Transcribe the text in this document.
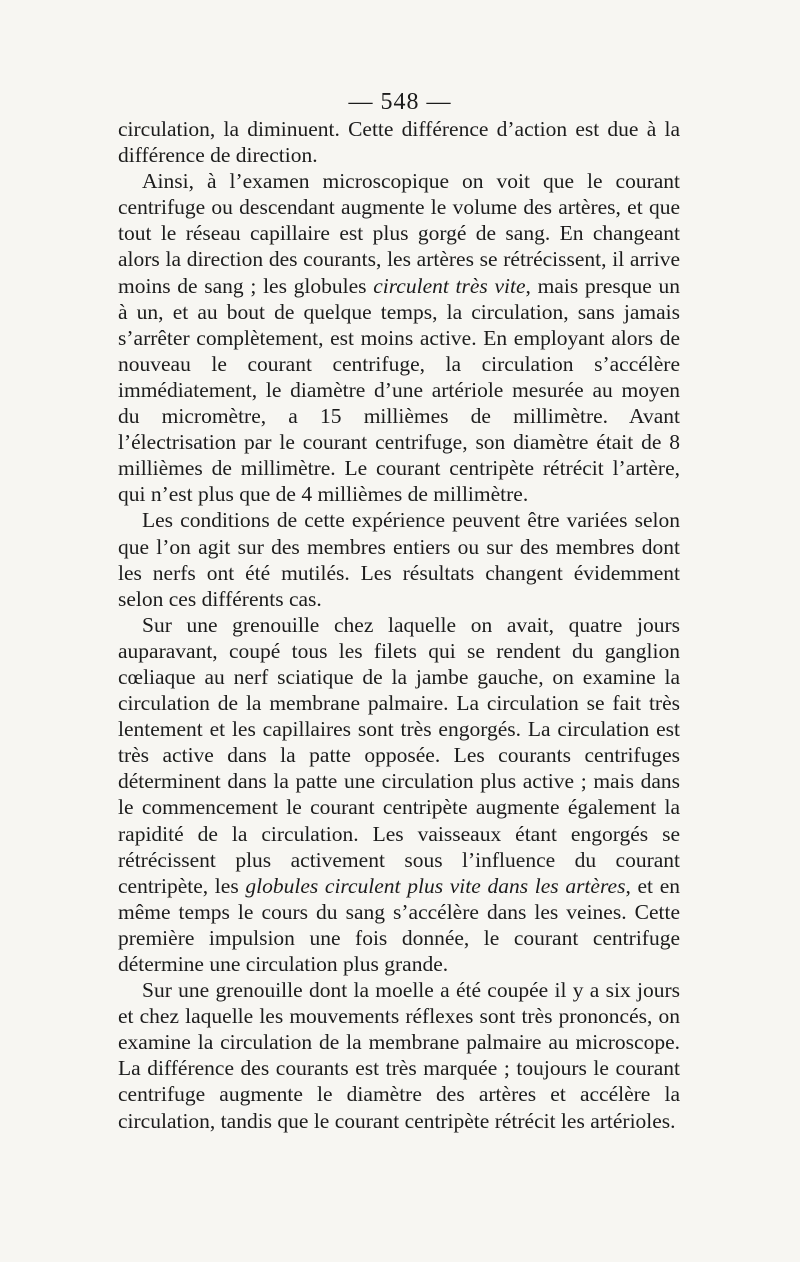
— 548 —

circulation, la diminuent. Cette différence d’action est due à la différence de direction.

Ainsi, à l’examen microscopique on voit que le courant centrifuge ou descendant augmente le volume des artères, et que tout le réseau capillaire est plus gorgé de sang. En changeant alors la direction des courants, les artères se rétrécissent, il arrive moins de sang ; les globules circulent très vite, mais presque un à un, et au bout de quelque temps, la circulation, sans jamais s’arrêter complètement, est moins active. En employant alors de nouveau le courant centrifuge, la circulation s’accélère immédiatement, le diamètre d’une artériole mesurée au moyen du micromètre, a 15 millièmes de millimètre. Avant l’électrisation par le courant centrifuge, son diamètre était de 8 millièmes de millimètre. Le courant centripète rétrécit l’artère, qui n’est plus que de 4 millièmes de millimètre.

Les conditions de cette expérience peuvent être variées selon que l’on agit sur des membres entiers ou sur des membres dont les nerfs ont été mutilés. Les résultats changent évidemment selon ces différents cas.

Sur une grenouille chez laquelle on avait, quatre jours auparavant, coupé tous les filets qui se rendent du ganglion cœliaque au nerf sciatique de la jambe gauche, on examine la circulation de la membrane palmaire. La circulation se fait très lentement et les capillaires sont très engorgés. La circulation est très active dans la patte opposée. Les courants centrifuges déterminent dans la patte une circulation plus active ; mais dans le commencement le courant centripète augmente également la rapidité de la circulation. Les vaisseaux étant engorgés se rétrécissent plus activement sous l’influence du courant centripète, les globules circulent plus vite dans les artères, et en même temps le cours du sang s’accélère dans les veines. Cette première impulsion une fois donnée, le courant centrifuge détermine une circulation plus grande.

Sur une grenouille dont la moelle a été coupée il y a six jours et chez laquelle les mouvements réflexes sont très prononcés, on examine la circulation de la membrane palmaire au microscope. La différence des courants est très marquée ; toujours le courant centrifuge augmente le diamètre des artères et accélère la circulation, tandis que le courant centripète rétrécit les artérioles.
